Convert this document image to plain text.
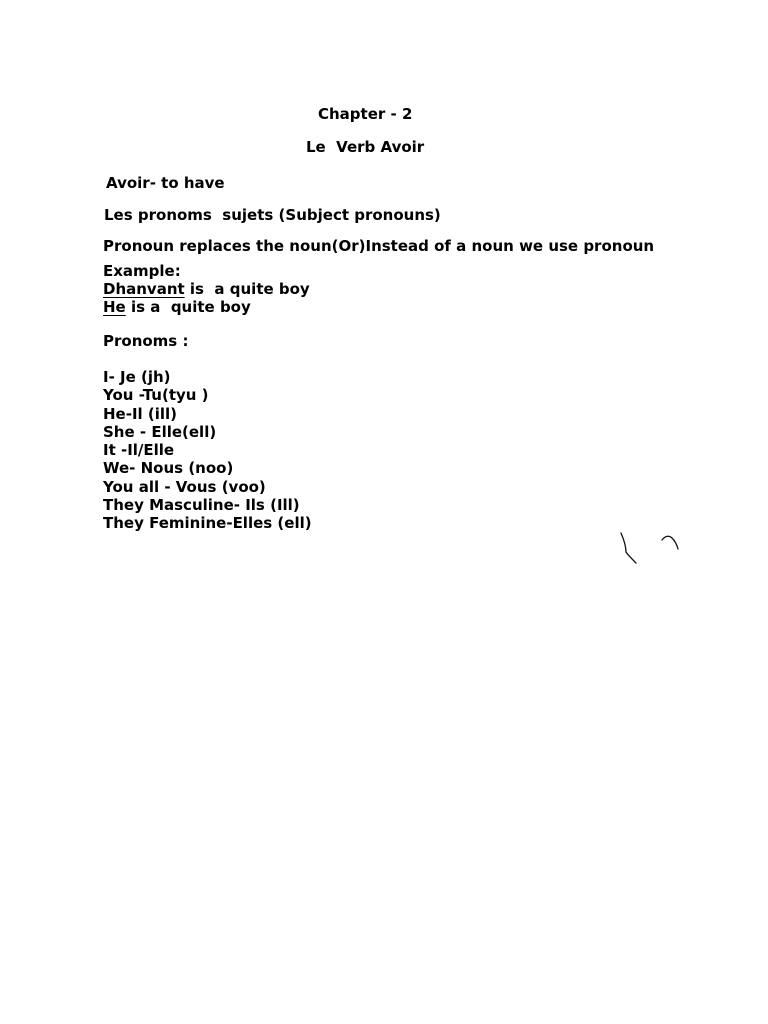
Chapter - 2
Le  Verb Avoir
Avoir- to have
Les pronoms  sujets (Subject pronouns)
Pronoun replaces the noun(Or)Instead of a noun we use pronoun
Example:
Dhanvant is  a quite boy
He is a  quite boy
Pronoms :
I- Je (jh)
You -Tu(tyu )
He-Il (ill)
She - Elle(ell)
It -Il/Elle
We- Nous (noo)
You all - Vous (voo)
They Masculine- Ils (Ill)
They Feminine-Elles (ell)
